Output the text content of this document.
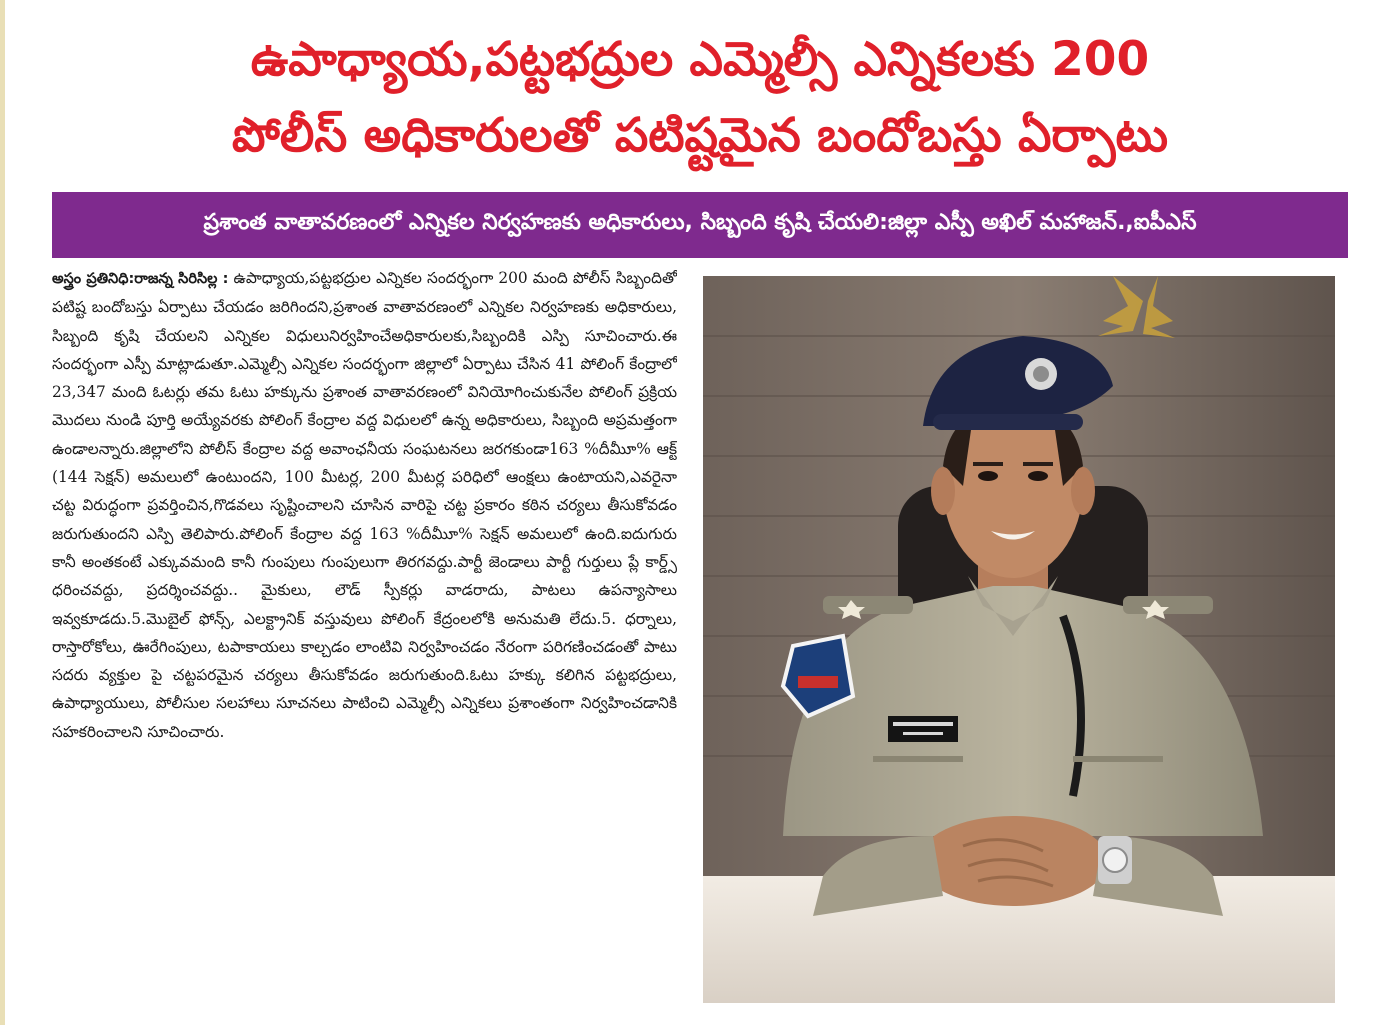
ఉపాధ్యాయ,పట్టభద్రుల ఎమ్మెల్సీ ఎన్నికలకు 200
పోలీస్ అధికారులతో పటిష్టమైన బందోబస్తు ఏర్పాటు
ప్రశాంత వాతావరణంలో ఎన్నికల నిర్వహణకు అధికారులు, సిబ్బంది కృషి చేయలి:జిల్లా ఎస్పీ అఖిల్ మహాజన్.,ఐపీఎస్

అస్త్రం ప్రతినిధి:రాజన్న సిరిసిల్ల : ఉపాధ్యాయ,పట్టభద్రుల ఎన్నికల సందర్భంగా 200 మంది పోలీస్ సిబ్బందితో పటిష్ట బందోబస్తు ఏర్పాటు చేయడం జరిగిందని,ప్రశాంత వాతావరణంలో ఎన్నికల నిర్వహణకు అధికారులు, సిబ్బంది కృషి చేయలని ఎన్నికల విధులునిర్వహించేఅధికారులకు,సిబ్బందికి ఎస్పి సూచించారు.ఈ సందర్భంగా ఎస్పీ మాట్లాడుతూ.ఎమ్మెల్సీ ఎన్నికల సందర్భంగా జిల్లాలో ఏర్పాటు చేసిన 41 పోలింగ్ కేంద్రాలో 23,347 మంది ఓటర్లు తమ ఓటు హక్కును ప్రశాంత వాతావరణంలో వినియోగించుకునేల పోలింగ్ ప్రక్రియ మొదలు నుండి పూర్తి అయ్యేవరకు పోలింగ్ కేంద్రాల వద్ద విధులలో ఉన్న అధికారులు, సిబ్బంది అప్రమత్తంగా ఉండాలన్నారు.జిల్లాలోని పోలీస్ కేంద్రాల వద్ద అవాంఛనీయ సంఘటనలు జరగకుండా163 %దీమీూ% ఆక్ట్ (144 సెక్షన్) అమలులో ఉంటుందని, 100 మీటర్ల, 200 మీటర్ల పరిధిలో ఆంక్షలు ఉంటాయని,ఎవరైనా చట్ట విరుద్ధంగా ప్రవర్తించిన,గొడవలు సృష్టించాలని చూసిన వారిపై చట్ట ప్రకారం కఠిన చర్యలు తీసుకోవడం జరుగుతుందని ఎస్పి తెలిపారు.పోలింగ్ కేంద్రాల వద్ద 163 %దీమీూ% సెక్షన్ అమలులో ఉంది.ఐదుగురు కానీ అంతకంటే ఎక్కువమంది కానీ గుంపులు గుంపులుగా తిరగవద్దు.పార్టీ జెండాలు పార్టీ గుర్తులు ప్లే కార్డ్స్ ధరించవద్దు, ప్రదర్శించవద్దు.. మైకులు, లౌడ్ స్పీకర్లు వాడరాదు, పాటలు ఉపన్యాసాలు ఇవ్వకూడదు.5.మొబైల్ ఫోన్స్, ఎలక్ట్రానిక్ వస్తువులు పోలింగ్ కేద్రంలలోకి అనుమతి లేదు.5. ధర్నాలు, రాస్తారోకోలు, ఊరేగింపులు, టపాకాయలు కాల్చడం లాంటివి నిర్వహించడం నేరంగా పరిగణించడంతో పాటు సదరు వ్యక్తుల పై చట్టపరమైన చర్యలు తీసుకోవడం జరుగుతుంది.ఓటు హక్కు కలిగిన పట్టభద్రులు, ఉపాధ్యాయులు, పోలీసుల సలహాలు సూచనలు పాటించి ఎమ్మెల్సీ ఎన్నికలు ప్రశాంతంగా నిర్వహించడానికి సహకరించాలని సూచించారు.
